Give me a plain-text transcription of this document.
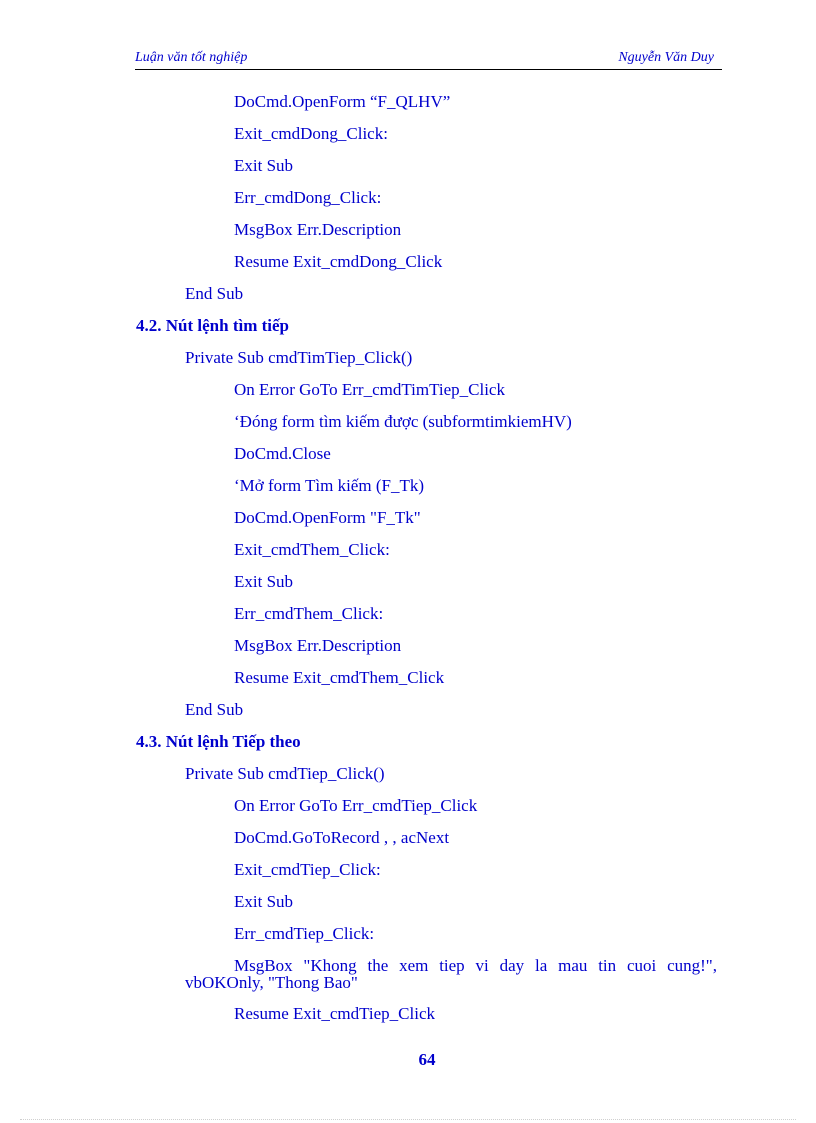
Luận văn tốt nghiệp	Nguyễn Văn Duy
DoCmd.OpenForm “F_QLHV”
Exit_cmdDong_Click:
Exit Sub
Err_cmdDong_Click:
MsgBox Err.Description
Resume Exit_cmdDong_Click
End Sub
4.2. Nút lệnh tìm tiếp
Private Sub cmdTimTiep_Click()
On Error GoTo Err_cmdTimTiep_Click
‘Đóng form tìm kiếm được (subformtimkiemHV)
DoCmd.Close
‘Mở form Tìm kiếm (F_Tk)
DoCmd.OpenForm "F_Tk"
Exit_cmdThem_Click:
Exit Sub
Err_cmdThem_Click:
MsgBox Err.Description
Resume Exit_cmdThem_Click
End Sub
4.3. Nút lệnh Tiếp theo
Private Sub cmdTiep_Click()
On Error GoTo Err_cmdTiep_Click
DoCmd.GoToRecord , , acNext
Exit_cmdTiep_Click:
Exit Sub
Err_cmdTiep_Click:
MsgBox "Khong the xem tiep vi day la mau tin cuoi cung!", vbOKOnly, "Thong Bao"
Resume Exit_cmdTiep_Click
64
